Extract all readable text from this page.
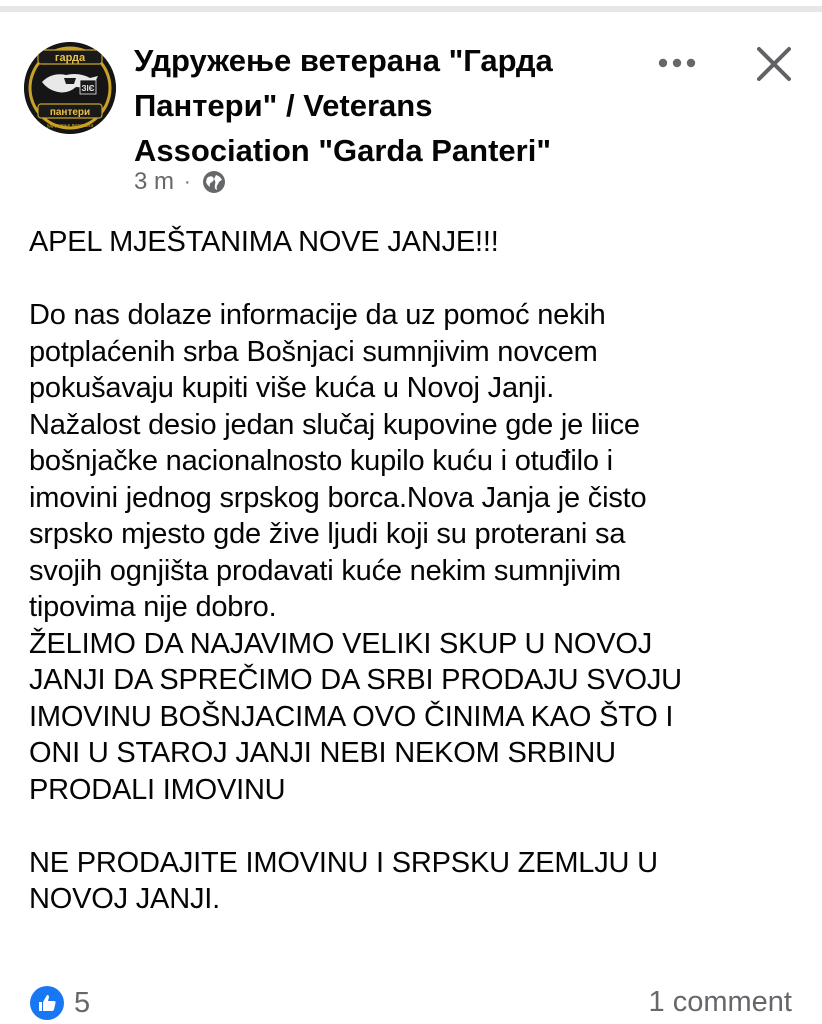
гарда
ЗІЄ
пантери
удружење ветерана
Удружење ветерана "Гарда
Пантери" / Veterans
Association "Garda Panteri"
3 m ·

APEL MJEŠTANIMA NOVE JANJE!!!

Do nas dolaze informacije da uz pomoć nekih
potplaćenih srba Bošnjaci sumnjivim novcem
pokušavaju kupiti više kuća u Novoj Janji.
Nažalost desio jedan slučaj kupovine gde je liice
bošnjačke nacionalnosto kupilo kuću i otuđilo i
imovini jednog srpskog borca.Nova Janja je čisto
srpsko mjesto gde žive ljudi koji su proterani sa
svojih ognjišta prodavati kuće nekim sumnjivim
tipovima nije dobro.
ŽELIMO DA NAJAVIMO VELIKI SKUP U NOVOJ
JANJI DA SPREČIMO DA SRBI PRODAJU SVOJU
IMOVINU BOŠNJACIMA OVO ČINIMA KAO ŠTO I
ONI U STAROJ JANJI NEBI NEKOM SRBINU
PRODALI IMOVINU

NE PRODAJITE IMOVINU I SRPSKU ZEMLJU U
NOVOJ JANJI.

5	1 comment
